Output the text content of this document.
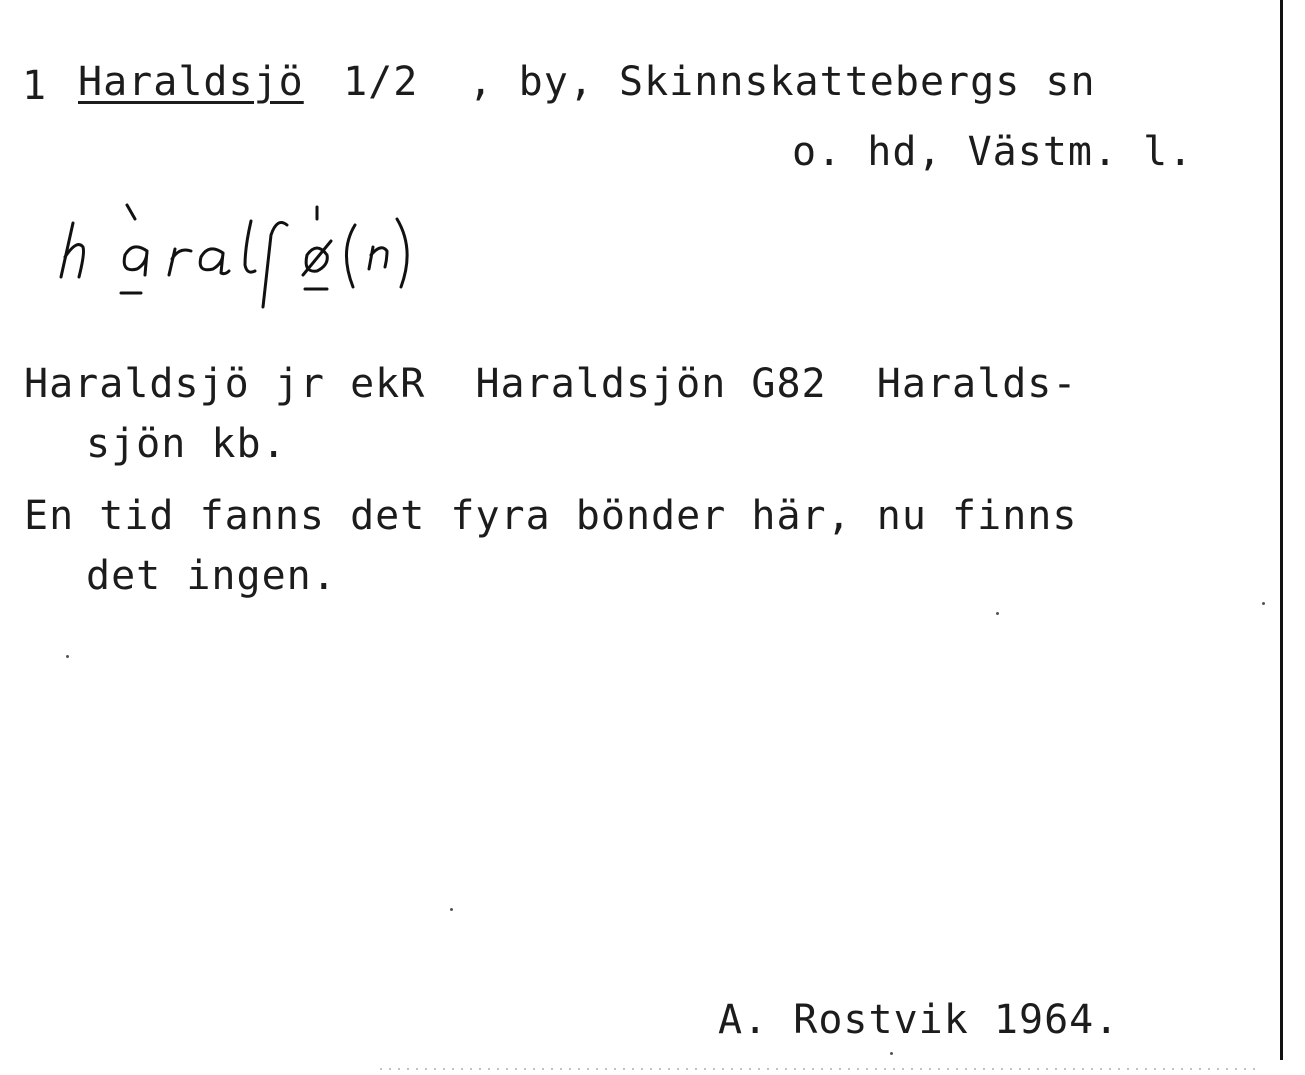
1 Haraldsjö 1/2  , by, Skinnskattebergs sn
o. hd, Västm. l.
Haraldsjö jr ekR  Haraldsjön G82  Haralds-
sjön kb.
En tid fanns det fyra bönder här, nu finns
det ingen.
A. Rostvik 1964.
